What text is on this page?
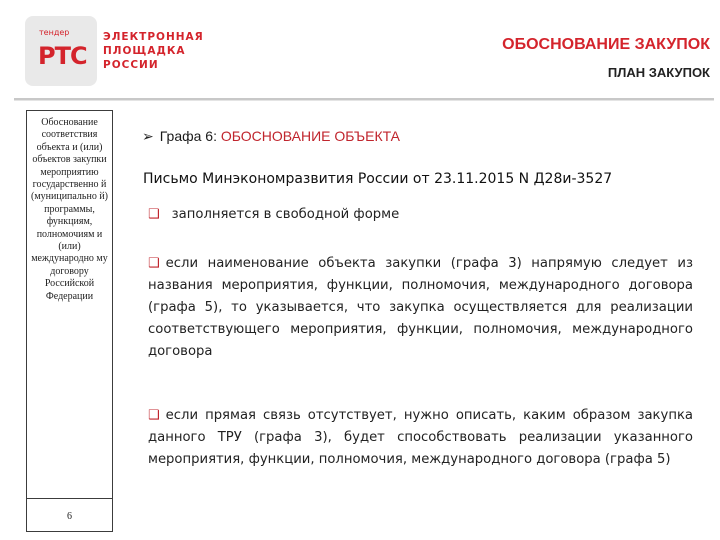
тендер
РТС
ЭЛЕКТРОННАЯ
ПЛОЩАДКА
РОССИИ
ОБОСНОВАНИЕ ЗАКУПОК
ПЛАН ЗАКУПОК
Обоснование соответствия объекта и (или) объектов закупки мероприятию государственно й (муниципально й) программы, функциям, полномочиям и (или) международно му договору Российской Федерации
6
➢ Графа 6: ОБОСНОВАНИЕ ОБЪЕКТА
Письмо Минэкономразвития России от 23.11.2015 N Д28и-3527
❑ заполняется в свободной форме
❑ если наименование объекта закупки (графа 3) напрямую следует из названия мероприятия, функции, полномочия, международного договора (графа 5), то указывается, что закупка осуществляется для реализации соответствующего мероприятия, функции, полномочия, международного договора
❑ если прямая связь отсутствует, нужно описать, каким образом закупка данного ТРУ (графа 3), будет способствовать реализации указанного мероприятия, функции, полномочия, международного договора (графа 5)
